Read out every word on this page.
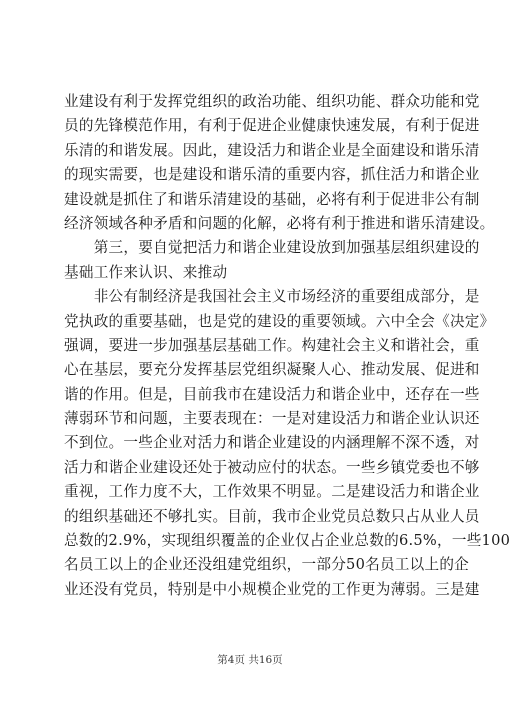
业建设有利于发挥党组织的政治功能、组织功能、群众功能和党
员的先锋模范作用，有利于促进企业健康快速发展，有利于促进
乐清的和谐发展。因此，建设活力和谐企业是全面建设和谐乐清
的现实需要，也是建设和谐乐清的重要内容，抓住活力和谐企业
建设就是抓住了和谐乐清建设的基础，必将有利于促进非公有制
经济领域各种矛盾和问题的化解，必将有利于推进和谐乐清建设。
　　第三，要自觉把活力和谐企业建设放到加强基层组织建设的
基础工作来认识、来推动
　　非公有制经济是我国社会主义市场经济的重要组成部分，是
党执政的重要基础，也是党的建设的重要领域。六中全会《决定》
强调，要进一步加强基层基础工作。构建社会主义和谐社会，重
心在基层，要充分发挥基层党组织凝聚人心、推动发展、促进和
谐的作用。但是，目前我市在建设活力和谐企业中，还存在一些
薄弱环节和问题，主要表现在：一是对建设活力和谐企业认识还
不到位。一些企业对活力和谐企业建设的内涵理解不深不透，对
活力和谐企业建设还处于被动应付的状态。一些乡镇党委也不够
重视，工作力度不大，工作效果不明显。二是建设活力和谐企业
的组织基础还不够扎实。目前，我市企业党员总数只占从业人员
总数的2.9%，实现组织覆盖的企业仅占企业总数的6.5%，一些100
名员工以上的企业还没组建党组织，一部分50名员工以上的企
业还没有党员，特别是中小规模企业党的工作更为薄弱。三是建
第4页 共16页
